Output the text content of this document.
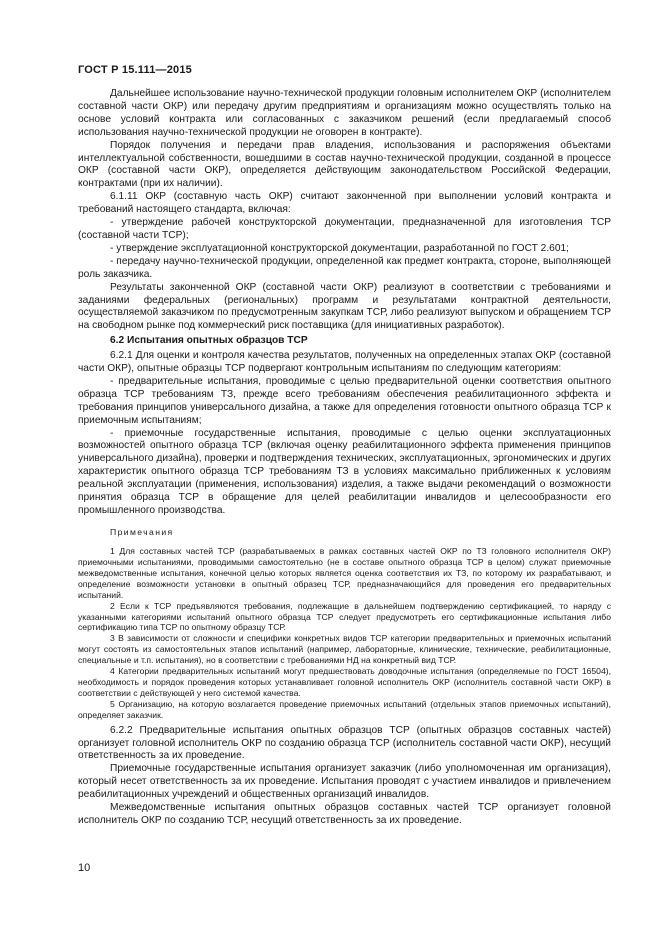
ГОСТ Р 15.111—2015

Дальнейшее использование научно-технической продукции головным исполнителем ОКР (исполнителем составной части ОКР) или передачу другим предприятиям и организациям можно осуществлять только на основе условий контракта или согласованных с заказчиком решений (если предлагаемый способ использования научно-технической продукции не оговорен в контракте).

Порядок получения и передачи прав владения, использования и распоряжения объектами интеллектуальной собственности, вошедшими в состав научно-технической продукции, созданной в процессе ОКР (составной части ОКР), определяется действующим законодательством Российской Федерации, контрактами (при их наличии).

6.1.11 ОКР (составную часть ОКР) считают законченной при выполнении условий контракта и требований настоящего стандарта, включая:

- утверждение рабочей конструкторской документации, предназначенной для изготовления ТСР (составной части ТСР);

- утверждение эксплуатационной конструкторской документации, разработанной по ГОСТ 2.601;

- передачу научно-технической продукции, определенной как предмет контракта, стороне, выполняющей роль заказчика.

Результаты законченной ОКР (составной части ОКР) реализуют в соответствии с требованиями и заданиями федеральных (региональных) программ и результатами контрактной деятельности, осуществляемой заказчиком по предусмотренным закупкам ТСР, либо реализуют выпуском и обращением ТСР на свободном рынке под коммерческий риск поставщика (для инициативных разработок).

6.2 Испытания опытных образцов ТСР

6.2.1 Для оценки и контроля качества результатов, полученных на определенных этапах ОКР (составной части ОКР), опытные образцы ТСР подвергают контрольным испытаниям по следующим категориям:

- предварительные испытания, проводимые с целью предварительной оценки соответствия опытного образца ТСР требованиям ТЗ, прежде всего требованиям обеспечения реабилитационного эффекта и требования принципов универсального дизайна, а также для определения готовности опытного образца ТСР к приемочным испытаниям;

- приемочные государственные испытания, проводимые с целью оценки эксплуатационных возможностей опытного образца ТСР (включая оценку реабилитационного эффекта применения принципов универсального дизайна), проверки и подтверждения технических, эксплуатационных, эргономических и других характеристик опытного образца ТСР требованиям ТЗ в условиях максимально приближенных к условиям реальной эксплуатации (применения, использования) изделия, а также выдачи рекомендаций о возможности принятия образца ТСР в обращение для целей реабилитации инвалидов и целесообразности его промышленного производства.

Примечания

1 Для составных частей ТСР (разрабатываемых в рамках составных частей ОКР по ТЗ головного исполнителя ОКР) приемочными испытаниями, проводимыми самостоятельно (не в составе опытного образца ТСР в целом) служат приемочные межведомственные испытания, конечной целью которых является оценка соответствия их ТЗ, по которому их разрабатывают, и определение возможности установки в опытный образец ТСР, предназначающийся для проведения его предварительных испытаний.

2 Если к ТСР предъявляются требования, подлежащие в дальнейшем подтверждению сертификацией, то наряду с указанными категориями испытаний опытного образца ТСР следует предусмотреть его сертификационные испытания либо сертификацию типа ТСР по опытному образцу ТСР.

3 В зависимости от сложности и специфики конкретных видов ТСР категории предварительных и приемочных испытаний могут состоять из самостоятельных этапов испытаний (например, лабораторные, клинические, технические, реабилитационные, специальные и т.п. испытания), но в соответствии с требованиями НД на конкретный вид ТСР.

4 Категории предварительных испытаний могут предшествовать доводочные испытания (определяемые по ГОСТ 16504), необходимость и порядок проведения которых устанавливает головной исполнитель ОКР (исполнитель составной части ОКР) в соответствии с действующей у него системой качества.

5 Организацию, на которую возлагается проведение приемочных испытаний (отдельных этапов приемочных испытаний), определяет заказчик.

6.2.2 Предварительные испытания опытных образцов ТСР (опытных образцов составных частей) организует головной исполнитель ОКР по созданию образца ТСР (исполнитель составной части ОКР), несущий ответственность за их проведение.

Приемочные государственные испытания организует заказчик (либо уполномоченная им организация), который несет ответственность за их проведение. Испытания проводят с участием инвалидов и привлечением реабилитационных учреждений и общественных организаций инвалидов.

Межведомственные испытания опытных образцов составных частей ТСР организует головной исполнитель ОКР по созданию ТСР, несущий ответственность за их проведение.

10
